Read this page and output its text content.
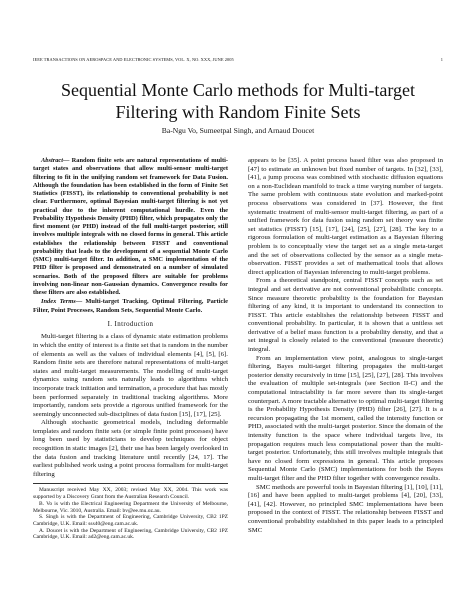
IEEE TRANSACTIONS ON AEROSPACE AND ELECTRONIC SYSTEMS, VOL. X, NO. XXX, JUNE 2005	1
Sequential Monte Carlo methods for Multi-target Filtering with Random Finite Sets
Ba-Ngu Vo, Sumeetpal Singh, and Arnaud Doucet

Abstract— Random finite sets are natural representations of multi-target states and observations that allow multi-sensor multi-target filtering to fit in the unifying random set framework for Data Fusion. Although the foundation has been established in the form of Finite Set Statistics (FISST), its relationship to conventional probability is not clear. Furthermore, optimal Bayesian multi-target filtering is not yet practical due to the inherent computational hurdle. Even the Probability Hypothesis Density (PHD) filter, which propagates only the first moment (or PHD) instead of the full multi-target posterior, still involves multiple integrals with no closed forms in general. This article establishes the relationship between FISST and conventional probability that leads to the development of a sequential Monte Carlo (SMC) multi-target filter. In addition, a SMC implementation of the PHD filter is proposed and demonstrated on a number of simulated scenarios. Both of the proposed filters are suitable for problems involving non-linear non-Gaussian dynamics. Convergence results for these filters are also established.

Index Terms— Multi-target Tracking, Optimal Filtering, Particle Filter, Point Processes, Random Sets, Sequential Monte Carlo.

I. Introduction

Multi-target filtering is a class of dynamic state estimation problems in which the entity of interest is a finite set that is random in the number of elements as well as the values of individual elements [4], [5], [6]. Random finite sets are therefore natural representations of multi-target states and multi-target measurements. The modelling of multi-target dynamics using random sets naturally leads to algorithms which incorporate track initiation and termination, a procedure that has mostly been performed separately in traditional tracking algorithms. More importantly, random sets provide a rigorous unified framework for the seemingly unconnected sub-disciplines of data fusion [15], [17], [25].

Although stochastic geometrical models, including deformable templates and random finite sets (or simple finite point processes) have long been used by statisticians to develop techniques for object recognition in static images [2], their use has been largely overlooked in the data fusion and tracking literature until recently [24, 17]. The earliest published work using a point process formalism for multi-target filtering

Manuscript received May XX, 2003; revised May XX, 2004. This work was supported by a Discovery Grant from the Australian Research Council.

B. Vo is with the Electrical Engineering Department the University of Melbourne, Melbourne, Vic. 3010, Australia. Email: bv@ee.mu.oz.au.

S. Singh is with the Department of Engineering, Cambridge University, CB2 1PZ Cambridge, U.K. Email: sss40@eng.cam.ac.uk.

A. Doucet is with the Department of Engineering, Cambridge University, CB2 1PZ Cambridge, U.K. Email: ad2@eng.cam.ac.uk.

appears to be [35]. A point process based filter was also proposed in [47] to estimate an unknown but fixed number of targets. In [32], [33], [41], a jump process was combined with stochastic diffusion equations on a non-Euclidean manifold to track a time varying number of targets. The same problem with continuous state evolution and marked-point process observations was considered in [37]. However, the first systematic treatment of multi-sensor multi-target filtering, as part of a unified framework for data fusion using random set theory was finite set statistics (FISST) [15], [17], [24], [25], [27], [28]. The key to a rigorous formulation of multi-target estimation as a Bayesian filtering problem is to conceptually view the target set as a single meta-target and the set of observations collected by the sensor as a single meta-observation. FISST provides a set of mathematical tools that allows direct application of Bayesian inferencing to multi-target problems.

From a theoretical standpoint, central FISST concepts such as set integral and set derivative are not conventional probabilistic concepts. Since measure theoretic probability is the foundation for Bayesian filtering of any kind, it is important to understand its connection to FISST. This article establishes the relationship between FISST and conventional probability. In particular, it is shown that a unitless set derivative of a belief mass function is a probability density, and that a set integral is closely related to the conventional (measure theoretic) integral.

From an implementation view point, analogous to single-target filtering, Bayes multi-target filtering propagates the multi-target posterior density recursively in time [15], [25], [27], [28]. This involves the evaluation of multiple set-integrals (see Section II-C) and the computational intractability is far more severe than its single-target counterpart. A more tractable alternative to optimal multi-target filtering is the Probability Hypothesis Density (PHD) filter [26], [27]. It is a recursion propagating the 1st moment, called the intensity function or PHD, associated with the multi-target posterior. Since the domain of the intensity function is the space where individual targets live, its propagation requires much less computational power than the multi-target posterior. Unfortunately, this still involves multiple integrals that have no closed form expressions in general. This article proposes Sequential Monte Carlo (SMC) implementations for both the Bayes multi-target filter and the PHD filter together with convergence results.

SMC methods are powerful tools in Bayesian filtering [1], [10], [11], [16] and have been applied to multi-target problems [4], [20], [33], [41], [42]. However, no principled SMC implementations have been proposed in the context of FISST. The relationship between FISST and conventional probability established in this paper leads to a principled SMC
